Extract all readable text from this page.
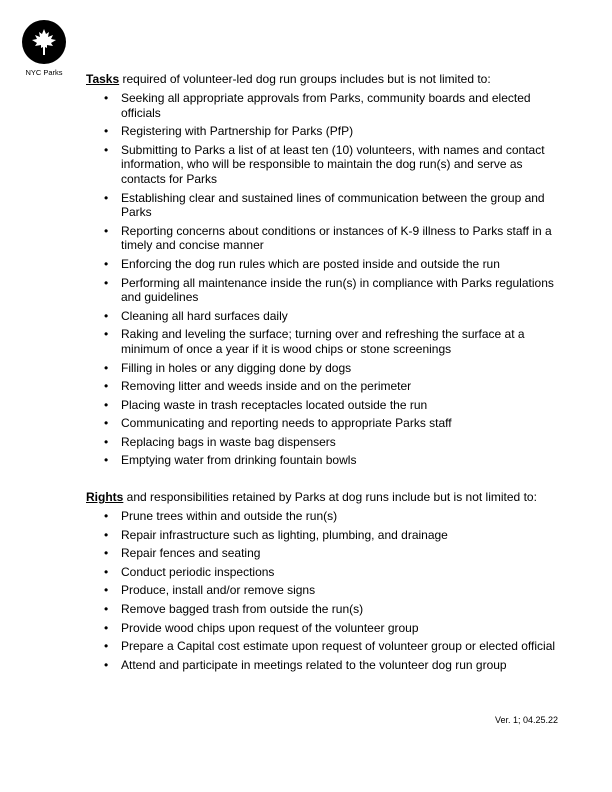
NYC Parks	Tasks required of volunteer-led dog run groups includes but is not limited to:

• Seeking all appropriate approvals from Parks, community boards and elected officials
• Registering with Partnership for Parks (PfP)
• Submitting to Parks a list of at least ten (10) volunteers, with names and contact information, who will be responsible to maintain the dog run(s) and serve as contacts for Parks
• Establishing clear and sustained lines of communication between the group and Parks
• Reporting concerns about conditions or instances of K-9 illness to Parks staff in a timely and concise manner
• Enforcing the dog run rules which are posted inside and outside the run
• Performing all maintenance inside the run(s) in compliance with Parks regulations and guidelines
• Cleaning all hard surfaces daily
• Raking and leveling the surface; turning over and refreshing the surface at a minimum of once a year if it is wood chips or stone screenings
• Filling in holes or any digging done by dogs
• Removing litter and weeds inside and on the perimeter
• Placing waste in trash receptacles located outside the run
• Communicating and reporting needs to appropriate Parks staff
• Replacing bags in waste bag dispensers
• Emptying water from drinking fountain bowls

Rights and responsibilities retained by Parks at dog runs include but is not limited to:

• Prune trees within and outside the run(s)
• Repair infrastructure such as lighting, plumbing, and drainage
• Repair fences and seating
• Conduct periodic inspections
• Produce, install and/or remove signs
• Remove bagged trash from outside the run(s)
• Provide wood chips upon request of the volunteer group
• Prepare a Capital cost estimate upon request of volunteer group or elected official
• Attend and participate in meetings related to the volunteer dog run group
Ver. 1; 04.25.22
